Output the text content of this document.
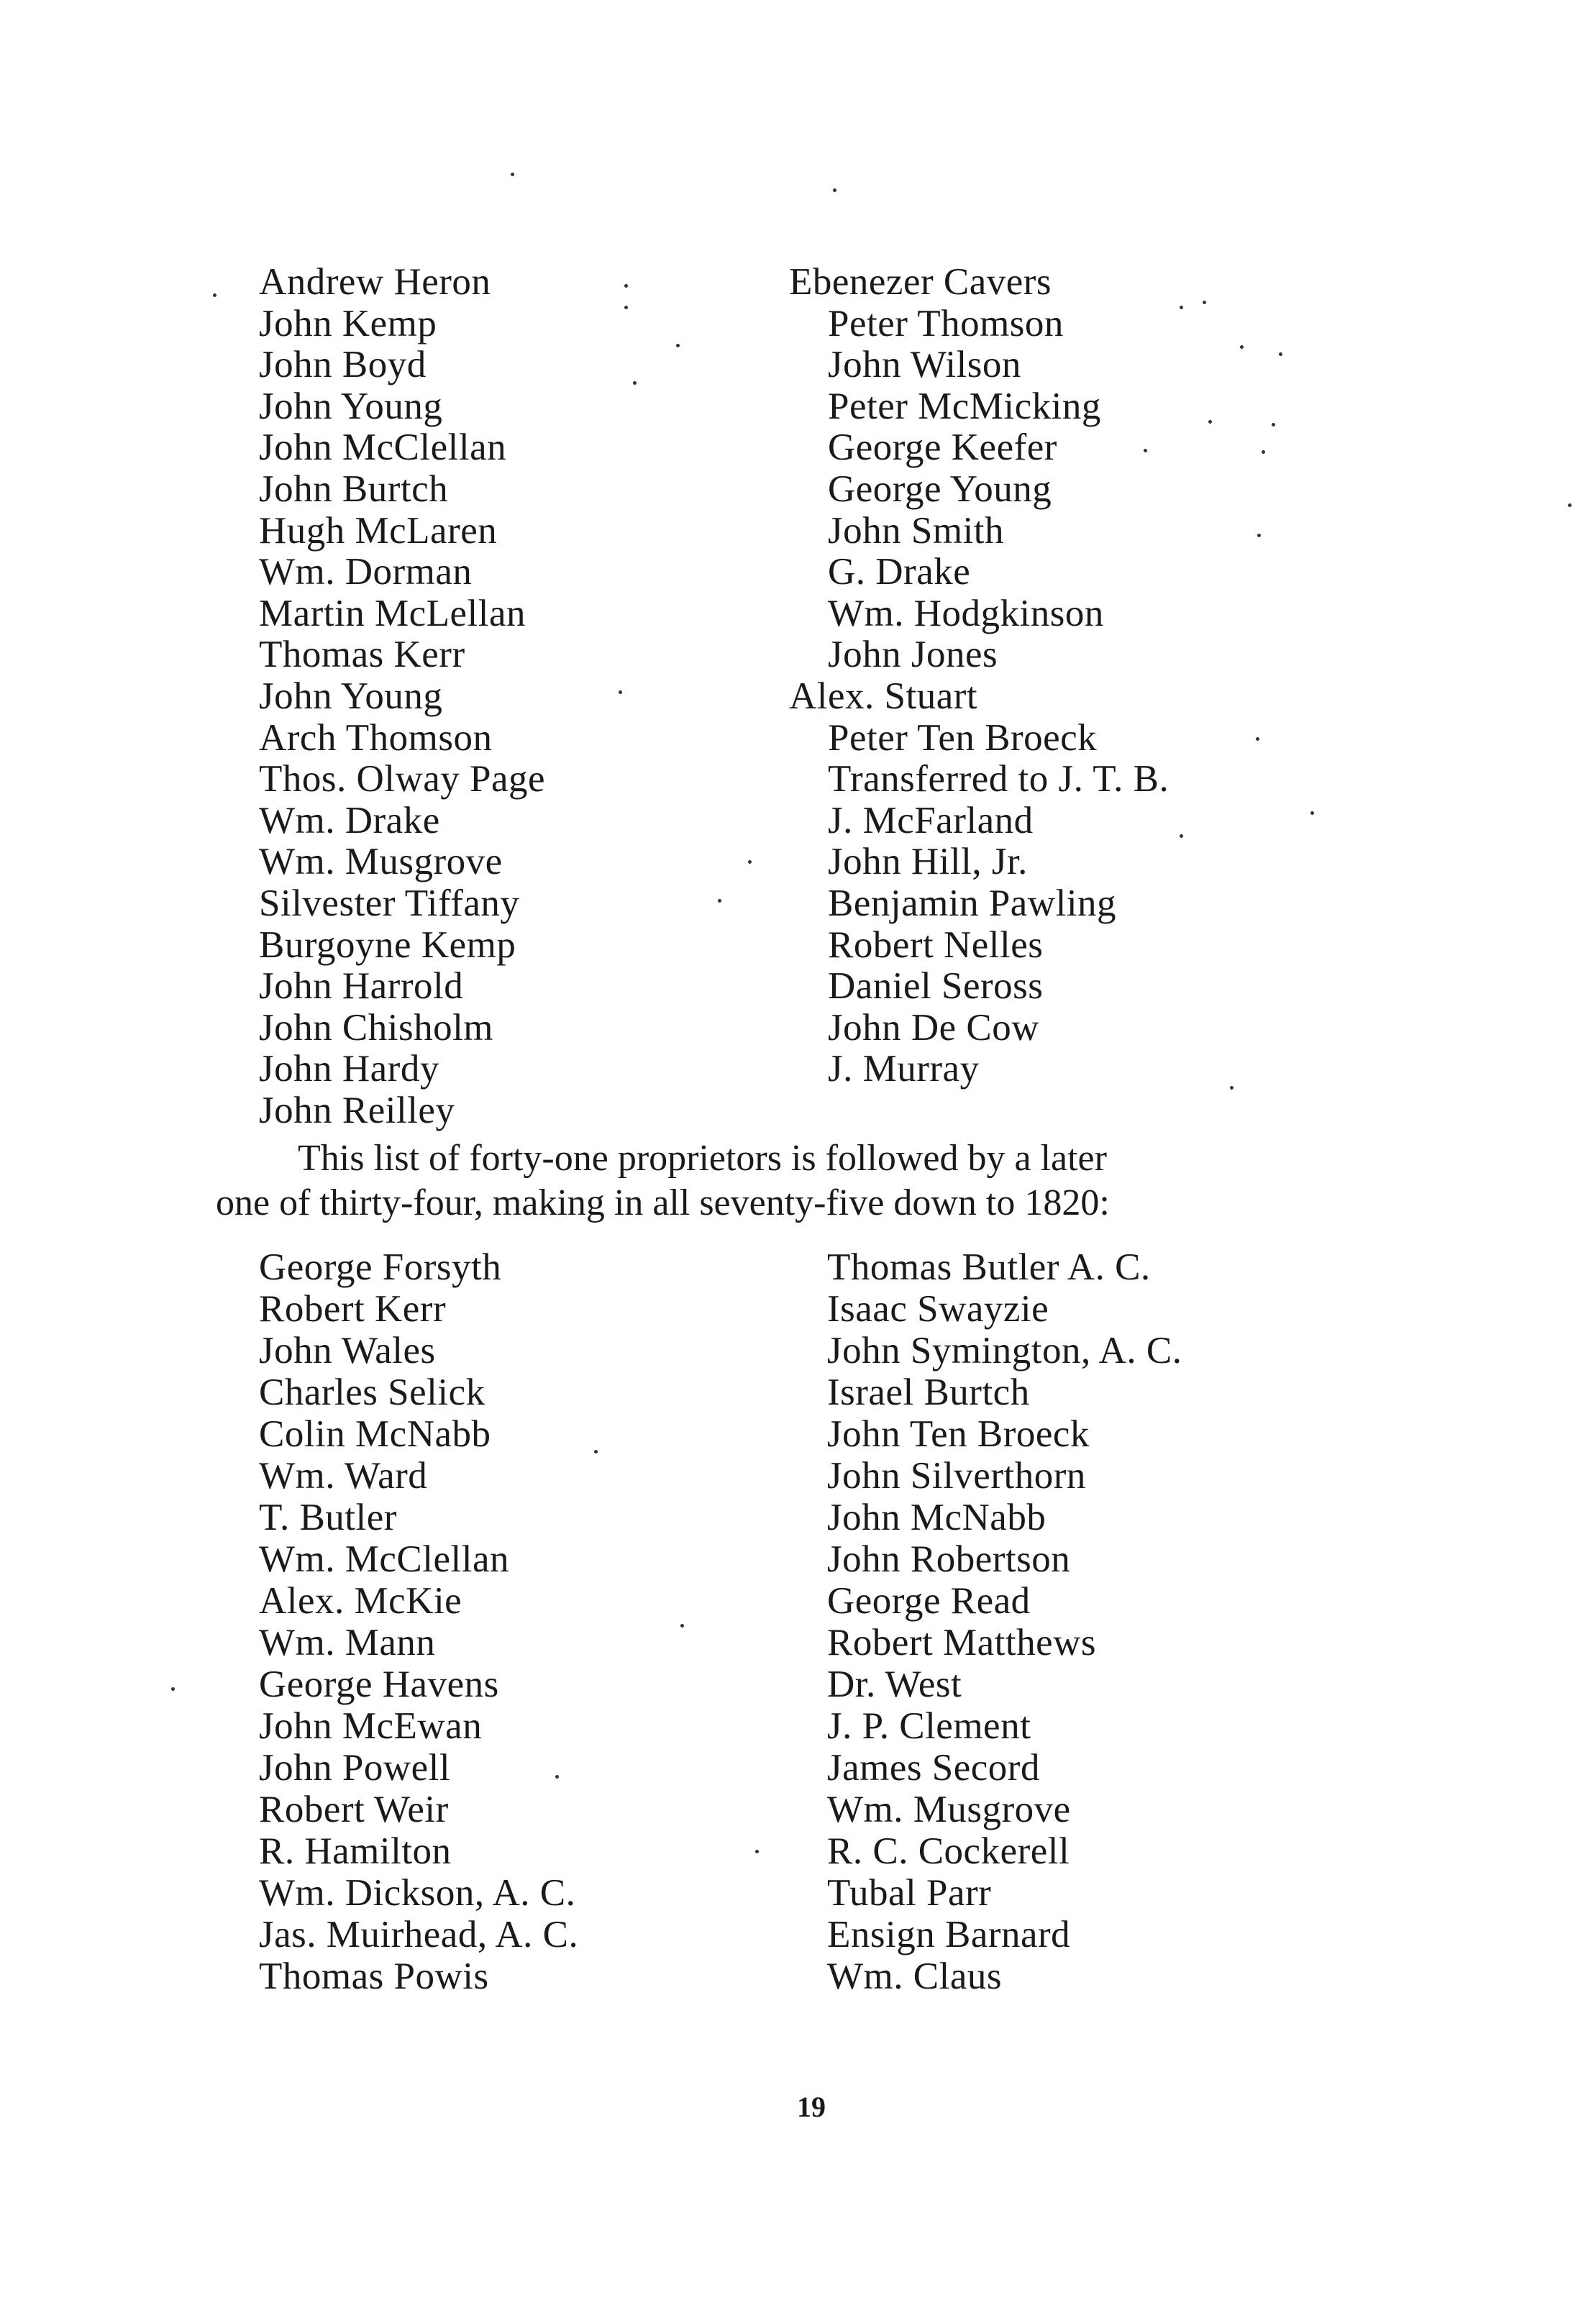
Andrew Heron
John Kemp
John Boyd
John Young
John McClellan
John Burtch
Hugh McLaren
Wm. Dorman
Martin McLellan
Thomas Kerr
John Young
Arch Thomson
Thos. Olway Page
Wm. Drake
Wm. Musgrove
Silvester Tiffany
Burgoyne Kemp
John Harrold
John Chisholm
John Hardy
John Reilley
Ebenezer Cavers
Peter Thomson
John Wilson
Peter McMicking
George Keefer
George Young
John Smith
G. Drake
Wm. Hodgkinson
John Jones
Alex. Stuart
Peter Ten Broeck
Transferred to J. T. B.
J. McFarland
John Hill, Jr.
Benjamin Pawling
Robert Nelles
Daniel Seross
John De Cow
J. Murray

This list of forty-one proprietors is followed by a later
one of thirty-four, making in all seventy-five down to 1820:

George Forsyth
Robert Kerr
John Wales
Charles Selick
Colin McNabb
Wm. Ward
T. Butler
Wm. McClellan
Alex. McKie
Wm. Mann
George Havens
John McEwan
John Powell
Robert Weir
R. Hamilton
Wm. Dickson, A. C.
Jas. Muirhead, A. C.
Thomas Powis
Thomas Butler A. C.
Isaac Swayzie
John Symington, A. C.
Israel Burtch
John Ten Broeck
John Silverthorn
John McNabb
John Robertson
George Read
Robert Matthews
Dr. West
J. P. Clement
James Secord
Wm. Musgrove
R. C. Cockerell
Tubal Parr
Ensign Barnard
Wm. Claus
19
